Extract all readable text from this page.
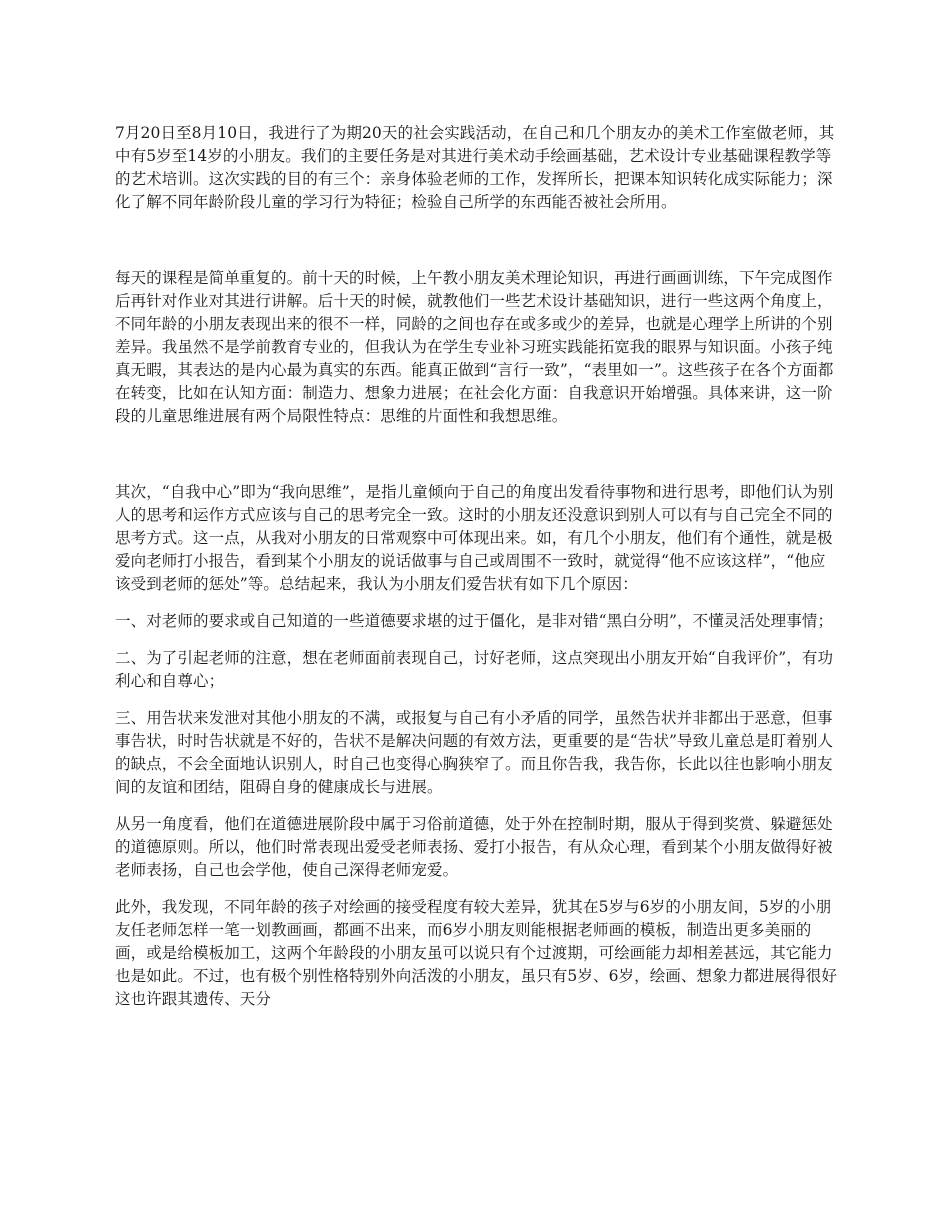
7月20日至8月10日，我进行了为期20天的社会实践活动，在自己和几个朋友办的美术工作室做老师，其中有5岁至14岁的小朋友。我们的主要任务是对其进行美术动手绘画基础，艺术设计专业基础课程教学等的艺术培训。这次实践的目的有三个：亲身体验老师的工作，发挥所长，把课本知识转化成实际能力；深化了解不同年龄阶段儿童的学习行为特征；检验自己所学的东西能否被社会所用。

每天的课程是简单重复的。前十天的时候，上午教小朋友美术理论知识，再进行画画训练，下午完成图作后再针对作业对其进行讲解。后十天的时候，就教他们一些艺术设计基础知识，进行一些这两个角度上，不同年龄的小朋友表现出来的很不一样，同龄的之间也存在或多或少的差异，也就是心理学上所讲的个别差异。我虽然不是学前教育专业的，但我认为在学生专业补习班实践能拓宽我的眼界与知识面。小孩子纯真无暇，其表达的是内心最为真实的东西。能真正做到“言行一致”，“表里如一”。这些孩子在各个方面都在转变，比如在认知方面：制造力、想象力进展；在社会化方面：自我意识开始增强。具体来讲，这一阶段的儿童思维进展有两个局限性特点：思维的片面性和我想思维。

其次，“自我中心”即为“我向思维”，是指儿童倾向于自己的角度出发看待事物和进行思考，即他们认为别人的思考和运作方式应该与自己的思考完全一致。这时的小朋友还没意识到别人可以有与自己完全不同的思考方式。这一点，从我对小朋友的日常观察中可体现出来。如，有几个小朋友，他们有个通性，就是极爱向老师打小报告，看到某个小朋友的说话做事与自己或周围不一致时，就觉得“他不应该这样”，“他应该受到老师的惩处”等。总结起来，我认为小朋友们爱告状有如下几个原因：

一、对老师的要求或自己知道的一些道德要求堪的过于僵化，是非对错“黑白分明”，不懂灵活处理事情；

二、为了引起老师的注意，想在老师面前表现自己，讨好老师，这点突现出小朋友开始“自我评价”，有功利心和自尊心；

三、用告状来发泄对其他小朋友的不满，或报复与自己有小矛盾的同学，虽然告状并非都出于恶意，但事事告状，时时告状就是不好的，告状不是解决问题的有效方法，更重要的是“告状”导致儿童总是盯着别人的缺点，不会全面地认识别人，时自己也变得心胸狭窄了。而且你告我，我告你，长此以往也影响小朋友间的友谊和团结，阻碍自身的健康成长与进展。

从另一角度看，他们在道德进展阶段中属于习俗前道德，处于外在控制时期，服从于得到奖赏、躲避惩处的道德原则。所以，他们时常表现出爱受老师表扬、爱打小报告，有从众心理，看到某个小朋友做得好被老师表扬，自己也会学他，使自己深得老师宠爱。

此外，我发现，不同年龄的孩子对绘画的接受程度有较大差异，犹其在5岁与6岁的小朋友间，5岁的小朋友任老师怎样一笔一划教画画，都画不出来，而6岁小朋友则能根据老师画的模板，制造出更多美丽的画，或是给模板加工，这两个年龄段的小朋友虽可以说只有个过渡期，可绘画能力却相差甚远，其它能力也是如此。不过，也有极个别性格特别外向活泼的小朋友，虽只有5岁、6岁，绘画、想象力都进展得很好这也许跟其遗传、天分
